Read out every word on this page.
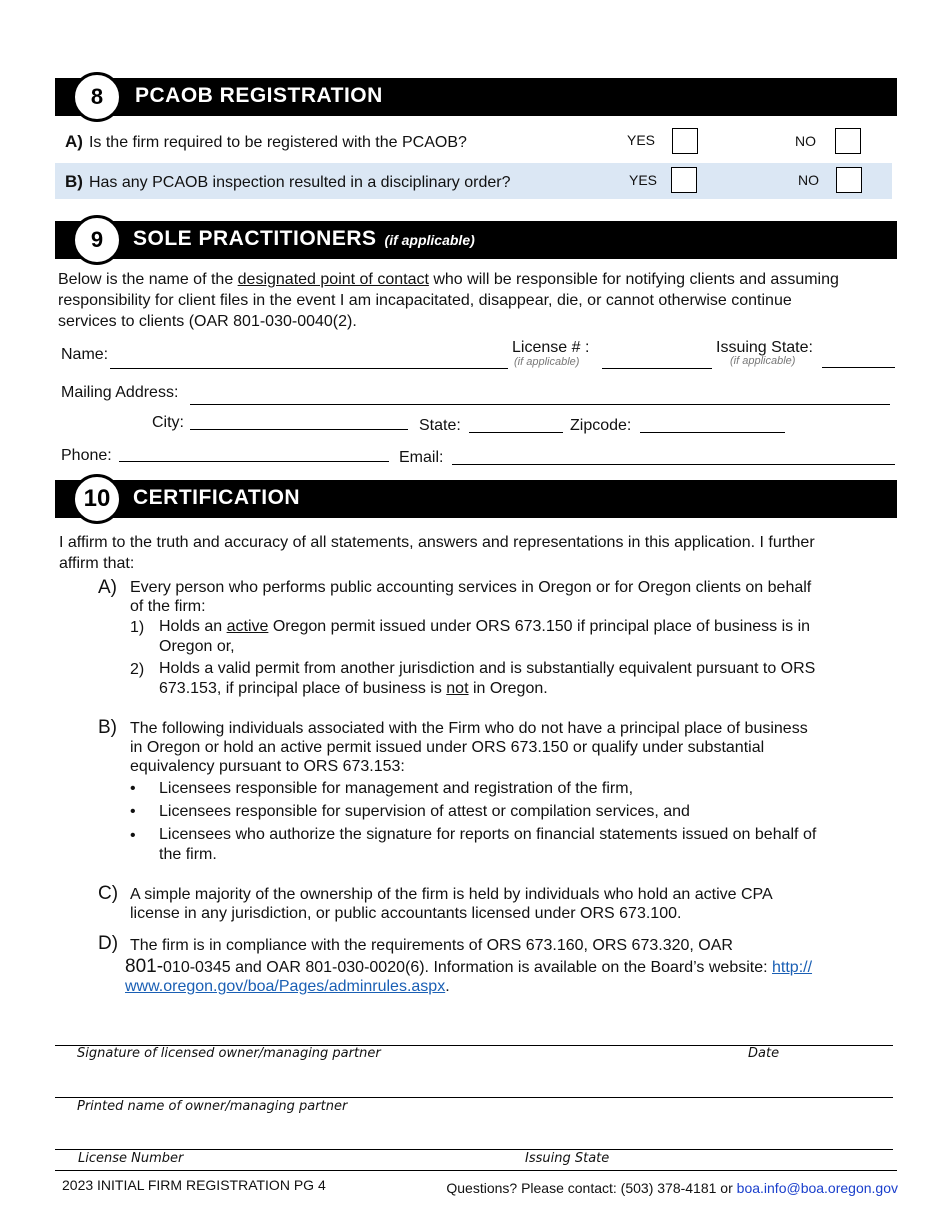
PCAOB REGISTRATION
8
A) Is the firm required to be registered with the PCAOB?	YES	NO
B) Has any PCAOB inspection resulted in a disciplinary order?	YES	NO
SOLE PRACTITIONERS (if applicable)
9
Below is the name of the designated point of contact who will be responsible for notifying clients and assuming
responsibility for client files in the event I am incapacitated, disappear, die, or cannot otherwise continue
services to clients (OAR 801-030-0040(2).
Name:	License # :
(if applicable)
Issuing State:
(if applicable)
Mailing Address:
City:	State:	Zipcode:
Phone:	Email:
CERTIFICATION
10
I affirm to the truth and accuracy of all statements, answers and representations in this application. I further
affirm that:
A) Every person who performs public accounting services in Oregon or for Oregon clients on behalf
of the firm:
1) Holds an active Oregon permit issued under ORS 673.150 if principal place of business is in
Oregon or,
2) Holds a valid permit from another jurisdiction and is substantially equivalent pursuant to ORS
673.153, if principal place of business is not in Oregon.
B) The following individuals associated with the Firm who do not have a principal place of business
in Oregon or hold an active permit issued under ORS 673.150 or qualify under substantial
equivalency pursuant to ORS 673.153:
• Licensees responsible for management and registration of the firm,
• Licensees responsible for supervision of attest or compilation services, and
• Licensees who authorize the signature for reports on financial statements issued on behalf of
the firm.
C) A simple majority of the ownership of the firm is held by individuals who hold an active CPA
license in any jurisdiction, or public accountants licensed under ORS 673.100.
D) The firm is in compliance with the requirements of ORS 673.160, ORS 673.320, OAR
801-010-0345 and OAR 801-030-0020(6). Information is available on the Board’s website: http://
www.oregon.gov/boa/Pages/adminrules.aspx.
Signature of licensed owner/managing partner	Date
Printed name of owner/managing partner
License Number	Issuing State
2023 INITIAL FIRM REGISTRATION PG 4	Questions? Please contact: (503) 378-4181 or boa.info@boa.oregon.gov
